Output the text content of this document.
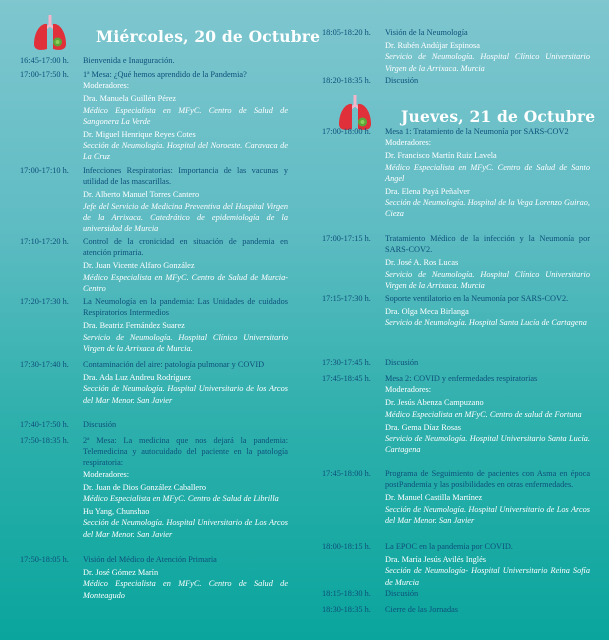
Miércoles, 20 de Octubre
Jueves, 21 de Octubre
16:45-17:00 h.	Bienvenida e Inauguración.
17:00-17:50 h.	1ª Mesa: ¿Qué hemos aprendido de la Pandemia?
Moderadores:
Dra. Manuela Guillén Pérez
Médico Especialista en MFyC. Centro de Salud de Sangonera La Verde
Dr. Miguel Henrique Reyes Cotes
Sección de Neumología. Hospital del Noroeste. Caravaca de La Cruz
17:00-17:10 h.	Infecciones Respiratorias: Importancia de las vacunas y utilidad de las mascarillas.
Dr. Alberto Manuel Torres Cantero
Jefe del Servicio de Medicina Preventiva del Hospital Virgen de la Arrixaca. Catedrático de epidemiología de la universidad de Murcia
17:10-17:20 h.	Control de la cronicidad en situación de pandemia en atención primaria.
Dr. Juan Vicente Alfaro González
Médico Especialista en MFyC. Centro de Salud de Murcia-Centro
17:20-17:30 h.	La Neumología en la pandemia: Las Unidades de cuidados Respiratorios Intermedios
Dra. Beatriz Fernández Suarez
Servicio de Neumología. Hospital Clínico Universitario Virgen de la Arrixaca de Murcia.
17:30-17:40 h.	Contaminación del aire: patología pulmonar y COVID
Dra. Ada Luz Andreu Rodríguez
Sección de Neumología. Hospital Universitario de los Arcos del Mar Menor. San Javier
17:40-17:50 h.	Discusión
17:50-18:35 h.	2ª Mesa: La medicina que nos dejará la pandemia: Telemedicina y autocuidado del paciente en la patología respiratoria:
Moderadores:
Dr. Juan de Dios González Caballero
Médico Especialista en MFyC. Centro de Salud de Librilla
Hu Yang, Chunshao
Sección de Neumología. Hospital Universitario de Los Arcos del Mar Menor. San Javier
17:50-18:05 h.	Visión del Médico de Atención Primaria
Dr. José Gómez Marín
Médico Especialista en MFyC. Centro de Salud de Monteagudo
18:05-18:20 h.	Visión de la Neumología
Dr. Rubén Andújar Espinosa
Servicio de Neumología. Hospital Clínico Universitario Virgen de la Arrixaca. Murcia
18:20-18:35 h.	Discusión
17:00-18:00 h.	Mesa 1: Tratamiento de la Neumonía por SARS-COV2
Moderadores:
Dr. Francisco Martín Ruiz Lavela
Médico Especialista en MFyC. Centro de Salud de Santo Angel
Dra. Elena Payá Peñalver
Sección de Neumología. Hospital de la Vega Lorenzo Guirao, Cieza
17:00-17:15 h.	Tratamiento Médico de la infección y la Neumonía por SARS-COV2.
Dr. José A. Ros Lucas
Servicio de Neumología. Hospital Clínico Universitario Virgen de la Arrixaca. Murcia
17:15-17:30 h.	Soporte ventilatorio en la Neumonía por SARS-COV2.
Dra. Olga Meca Birlanga
Servicio de Neumología. Hospital Santa Lucía de Cartagena
17:30-17:45 h.	Discusión
17:45-18:45 h.	Mesa 2: COVID y enfermedades respiratorias
Moderadores:
Dr. Jesús Abenza Campuzano
Médico Especialista en MFyC. Centro de salud de Fortuna
Dra. Gema Díaz Rosas
Servicio de Neumología. Hospital Universitario Santa Lucía. Cartagena
17:45-18:00 h.	Programa de Seguimiento de pacientes con Asma en época postPandemia y las posibilidades en otras enfermedades.
Dr. Manuel Castilla Martínez
Sección de Neumología. Hospital Universitario de Los Arcos del Mar Menor. San Javier
18:00-18:15 h.	La EPOC en la pandemia por COVID.
Dra. María Jesús Avilés Inglés
Sección de Neumología- Hospital Universitario Reina Sofía de Murcia
18:15-18:30 h.	Discusión
18:30-18:35 h.	Cierre de las Jornadas
